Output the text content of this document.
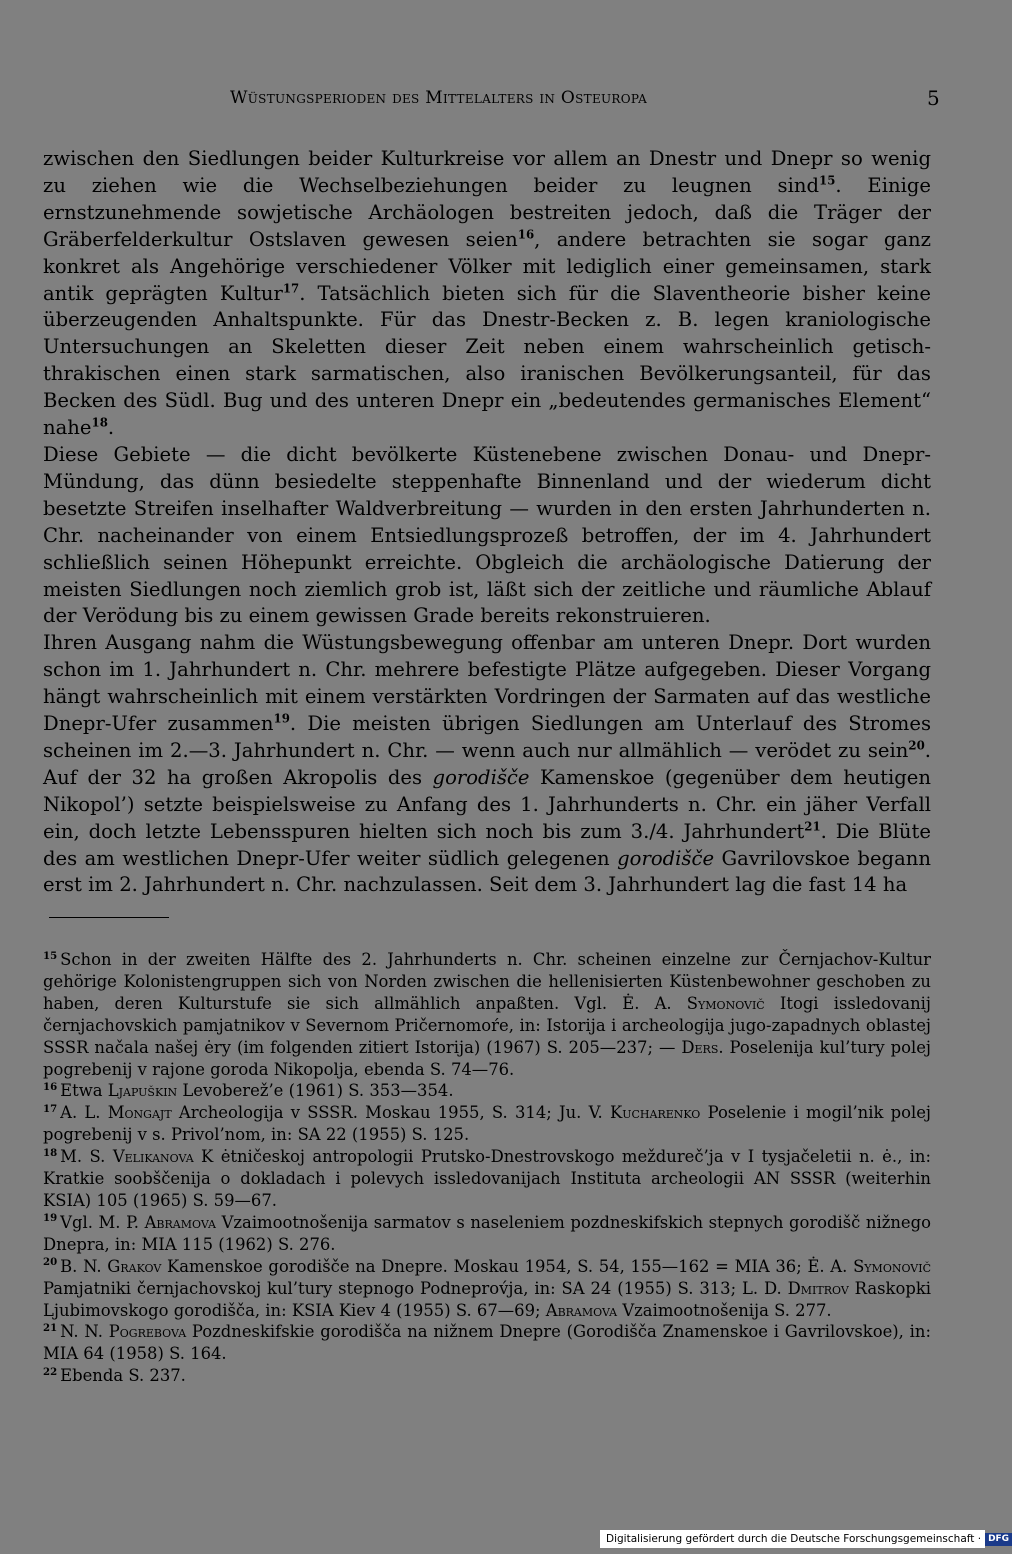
Wüstungsperioden des Mittelalters in Osteuropa	5

zwischen den Siedlungen beider Kulturkreise vor allem an Dnestr und Dnepr so wenig zu ziehen wie die Wechselbeziehungen beider zu leugnen sind$^{15}$. Einige ernstzunehmende sowjetische Archäologen bestreiten jedoch, daß die Träger der Gräberfelderkultur Ostslaven gewesen seien$^{16}$, andere betrachten sie sogar ganz konkret als Angehörige verschiedener Völker mit lediglich einer gemeinsamen, stark antik geprägten Kultur$^{17}$. Tatsächlich bieten sich für die Slaventheorie bisher keine überzeugenden Anhaltspunkte. Für das Dnestr-Becken z. B. legen kraniologische Untersuchungen an Skeletten dieser Zeit neben einem wahrscheinlich getisch-thrakischen einen stark sarmatischen, also iranischen Bevölkerungsanteil, für das Becken des Südl. Bug und des unteren Dnepr ein „bedeutendes germanisches Element“ nahe$^{18}$.

Diese Gebiete — die dicht bevölkerte Küstenebene zwischen Donau- und Dnepr-Mündung, das dünn besiedelte steppenhafte Binnenland und der wiederum dicht besetzte Streifen inselhafter Waldverbreitung — wurden in den ersten Jahrhunderten n. Chr. nacheinander von einem Entsiedlungsprozeß betroffen, der im 4. Jahrhundert schließlich seinen Höhepunkt erreichte. Obgleich die archäologische Datierung der meisten Siedlungen noch ziemlich grob ist, läßt sich der zeitliche und räumliche Ablauf der Verödung bis zu einem gewissen Grade bereits rekonstruieren.

Ihren Ausgang nahm die Wüstungsbewegung offenbar am unteren Dnepr. Dort wurden schon im 1. Jahrhundert n. Chr. mehrere befestigte Plätze aufgegeben. Dieser Vorgang hängt wahrscheinlich mit einem verstärkten Vordringen der Sarmaten auf das westliche Dnepr-Ufer zusammen$^{19}$. Die meisten übrigen Siedlungen am Unterlauf des Stromes scheinen im 2.—3. Jahrhundert n. Chr. — wenn auch nur allmählich — verödet zu sein$^{20}$. Auf der 32 ha großen Akropolis des gorodišče Kamenskoe (gegenüber dem heutigen Nikopol’) setzte beispielsweise zu Anfang des 1. Jahrhunderts n. Chr. ein jäher Verfall ein, doch letzte Lebensspuren hielten sich noch bis zum 3./4. Jahrhundert$^{21}$. Die Blüte des am westlichen Dnepr-Ufer weiter südlich gelegenen gorodišče Gavrilovskoe begann erst im 2. Jahrhundert n. Chr. nachzulassen. Seit dem 3. Jahrhundert lag die fast 14 ha

$^{15}$ Schon in der zweiten Hälfte des 2. Jahrhunderts n. Chr. scheinen einzelne zur Černjachov-Kultur gehörige Kolonistengruppen sich von Norden zwischen die hellenisierten Küstenbewohner geschoben zu haben, deren Kulturstufe sie sich allmählich anpaßten. Vgl. Ė. A. Symonovič Itogi issledovanij černjachovskich pamjatnikov v Severnom Pričernomoŕe, in: Istorija i archeologija jugo-zapadnych oblastej SSSR načala našej ėry (im folgenden zitiert Istorija) (1967) S. 205—237; — Ders. Poselenija kul’tury polej pogrebenij v rajone goroda Nikopolja, ebenda S. 74—76.

$^{16}$ Etwa Ljapuškin Levoberež’e (1961) S. 353—354.

$^{17}$ A. L. Mongajt Archeologija v SSSR. Moskau 1955, S. 314; Ju. V. Kucharenko Poselenie i mogil’nik polej pogrebenij v s. Privol’nom, in: SA 22 (1955) S. 125.

$^{18}$ M. S. Velikanova K ėtničeskoj antropologii Prutsko-Dnestrovskogo meždureč’ja v I tysjačeletii n. ė., in: Kratkie soobščenija o dokladach i polevych issledovanijach Instituta archeologii AN SSSR (weiterhin KSIA) 105 (1965) S. 59—67.

$^{19}$ Vgl. M. P. Abramova Vzaimootnošenija sarmatov s naseleniem pozdneskifskich stepnych gorodišč nižnego Dnepra, in: MIA 115 (1962) S. 276.

$^{20}$ B. N. Grakov Kamenskoe gorodišče na Dnepre. Moskau 1954, S. 54, 155—162 = MIA 36; Ė. A. Symonovič Pamjatniki černjachovskoj kul’tury stepnogo Podneprov́ja, in: SA 24 (1955) S. 313; L. D. Dmitrov Raskopki Ljubimovskogo gorodišča, in: KSIA Kiev 4 (1955) S. 67—69; Abramova Vzaimootnošenija S. 277.

$^{21}$ N. N. Pogrebova Pozdneskifskie gorodišča na nižnem Dnepre (Gorodišča Znamenskoe i Gavrilovskoe), in: MIA 64 (1958) S. 164.

$^{22}$ Ebenda S. 237.

Digitalisierung gefördert durch die Deutsche Forschungsgemeinschaft · DFG
